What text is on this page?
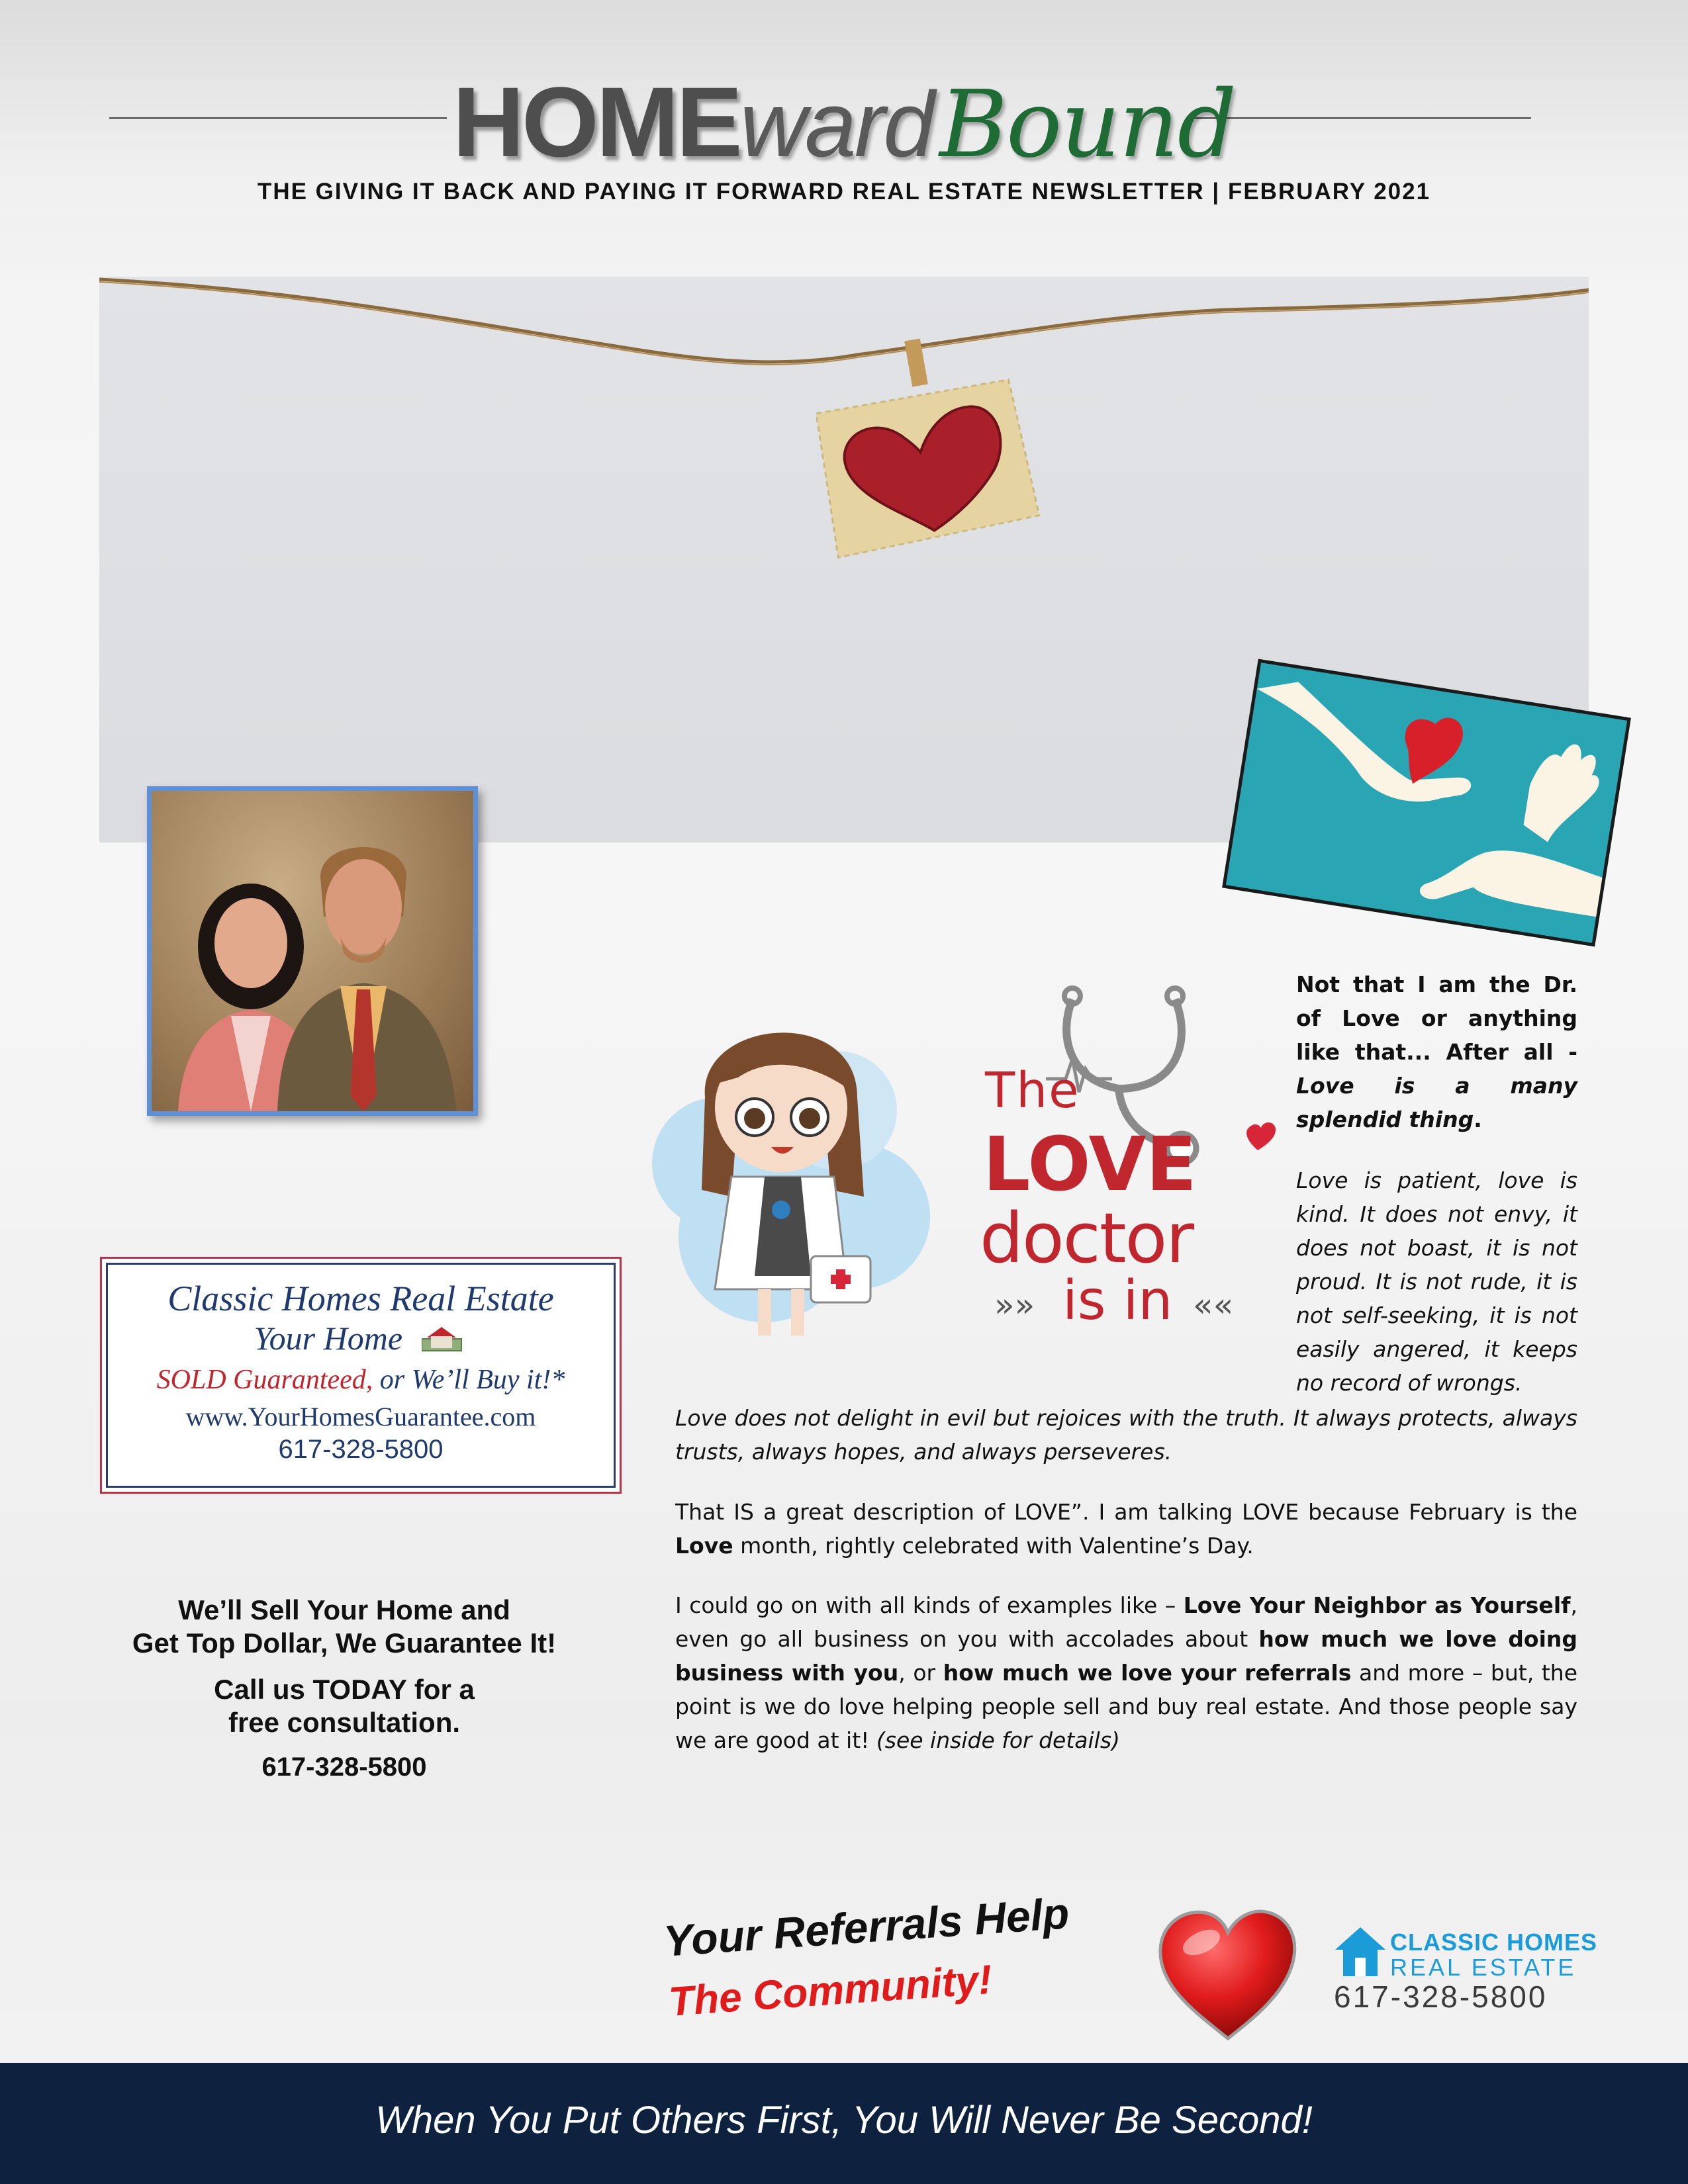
HOMEwardBound
THE GIVING IT BACK AND PAYING IT FORWARD REAL ESTATE NEWSLETTER | FEBRUARY 2021
Classic Homes Real Estate
Your Home
SOLD Guaranteed, or We’ll Buy it!*
www.YourHomesGuarantee.com
617-328-5800
We’ll Sell Your Home and
Get Top Dollar, We Guarantee It!
Call us TODAY for a
free consultation.
617-328-5800
The
LOVE
doctor
»» is in ««
Not that I am the Dr. of Love or anything like that... After all - Love is a many splendid thing.
Love is patient, love is kind. It does not envy, it does not boast, it is not proud. It is not rude, it is not self-seeking, it is not easily angered, it keeps no record of wrongs.
Love does not delight in evil but rejoices with the truth. It always protects, always trusts, always hopes, and always perseveres.
That IS a great description of LOVE”. I am talking LOVE because February is the Love month, rightly celebrated with Valentine’s Day.
I could go on with all kinds of examples like – Love Your Neighbor as Yourself, even go all business on you with accolades about how much we love doing business with you, or how much we love your referrals and more – but, the point is we do love helping people sell and buy real estate. And those people say we are good at it! (see inside for details)
Your Referrals Help
The Community!
CLASSIC HOMES
REAL ESTATE
617-328-5800
When You Put Others First, You Will Never Be Second!
